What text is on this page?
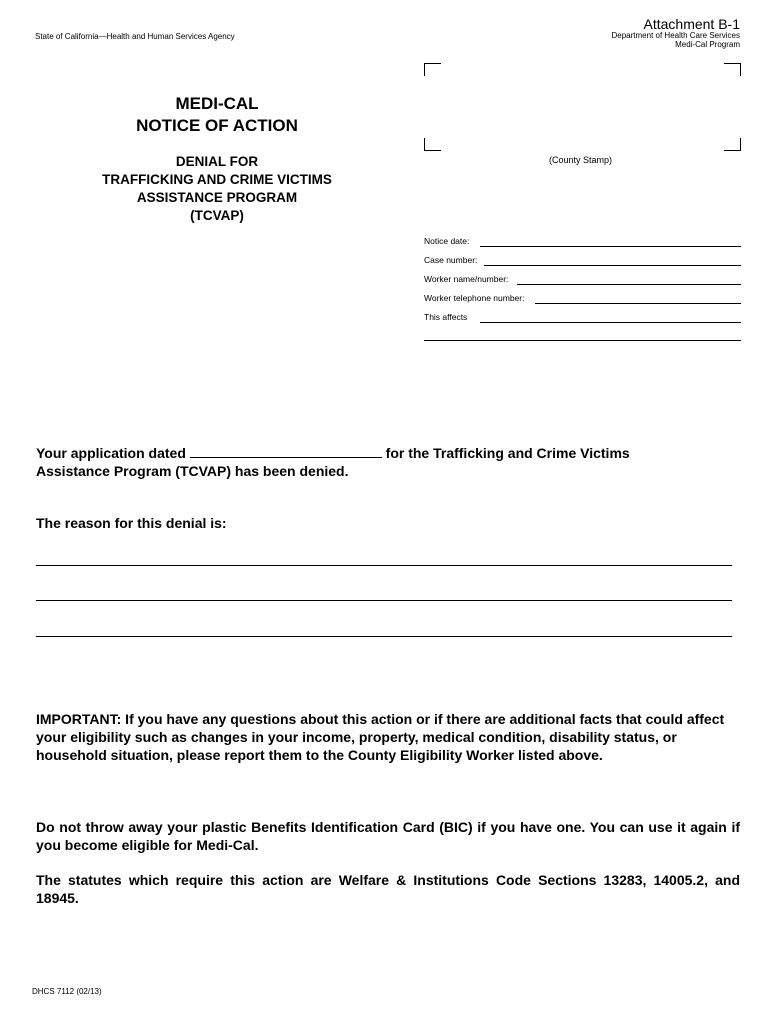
State of California—Health and Human Services Agency
Attachment B-1
Department of Health Care Services
Medi-Cal Program
MEDI-CAL
NOTICE OF ACTION
DENIAL FOR
TRAFFICKING AND CRIME VICTIMS
ASSISTANCE PROGRAM
(TCVAP)
(County Stamp)
Notice date:
Case number:
Worker name/number:
Worker telephone number:
This affects
Your application dated	for the Trafficking and Crime Victims
Assistance Program (TCVAP) has been denied.
The reason for this denial is:
IMPORTANT: If you have any questions about this action or if there are additional facts that could affect your eligibility such as changes in your income, property, medical condition, disability status, or household situation, please report them to the County Eligibility Worker listed above.
Do not throw away your plastic Benefits Identification Card (BIC) if you have one. You can use it again if you become eligible for Medi-Cal.
The statutes which require this action are Welfare & Institutions Code Sections 13283, 14005.2, and 18945.
DHCS 7112 (02/13)
